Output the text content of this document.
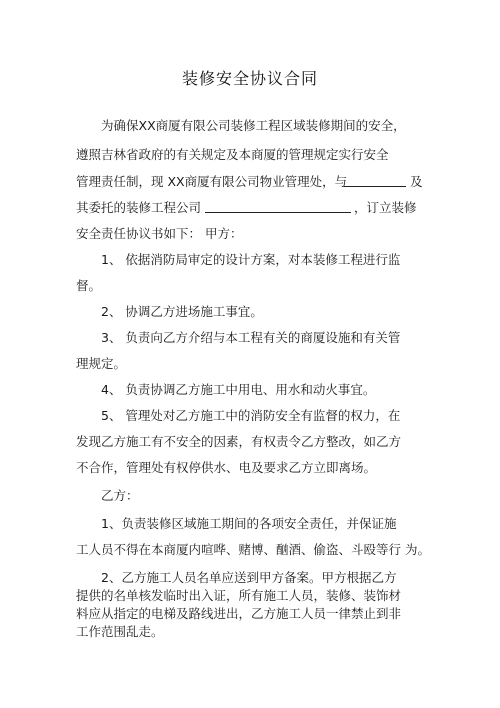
装修安全协议合同
为确保XX商厦有限公司装修工程区域装修期间的安全，
遵照吉林省政府的有关规定及本商厦的管理规定实行安全
管理责任制，现 XX商厦有限公司物业管理处，与	及
其委托的装修工程公司	，订立装修
安全责任协议书如下： 甲方：
1、 依据消防局审定的设计方案，对本装修工程进行监
督。
2、 协调乙方进场施工事宜。
3、 负责向乙方介绍与本工程有关的商厦设施和有关管
理规定。
4、 负责协调乙方施工中用电、用水和动火事宜。
5、 管理处对乙方施工中的消防安全有监督的权力，在
发现乙方施工有不安全的因素，有权责令乙方整改，如乙方
不合作，管理处有权停供水、电及要求乙方立即离场。
乙方：
1、负责装修区域施工期间的各项安全责任，并保证施
工人员不得在本商厦内喧哗、赌博、酗酒、偷盗、斗殴等行 为。
2、乙方施工人员名单应送到甲方备案。甲方根据乙方
提供的名单核发临时出入证，所有施工人员，装修、装饰材
料应从指定的电梯及路线进出，乙方施工人员一律禁止到非
工作范围乱走。
